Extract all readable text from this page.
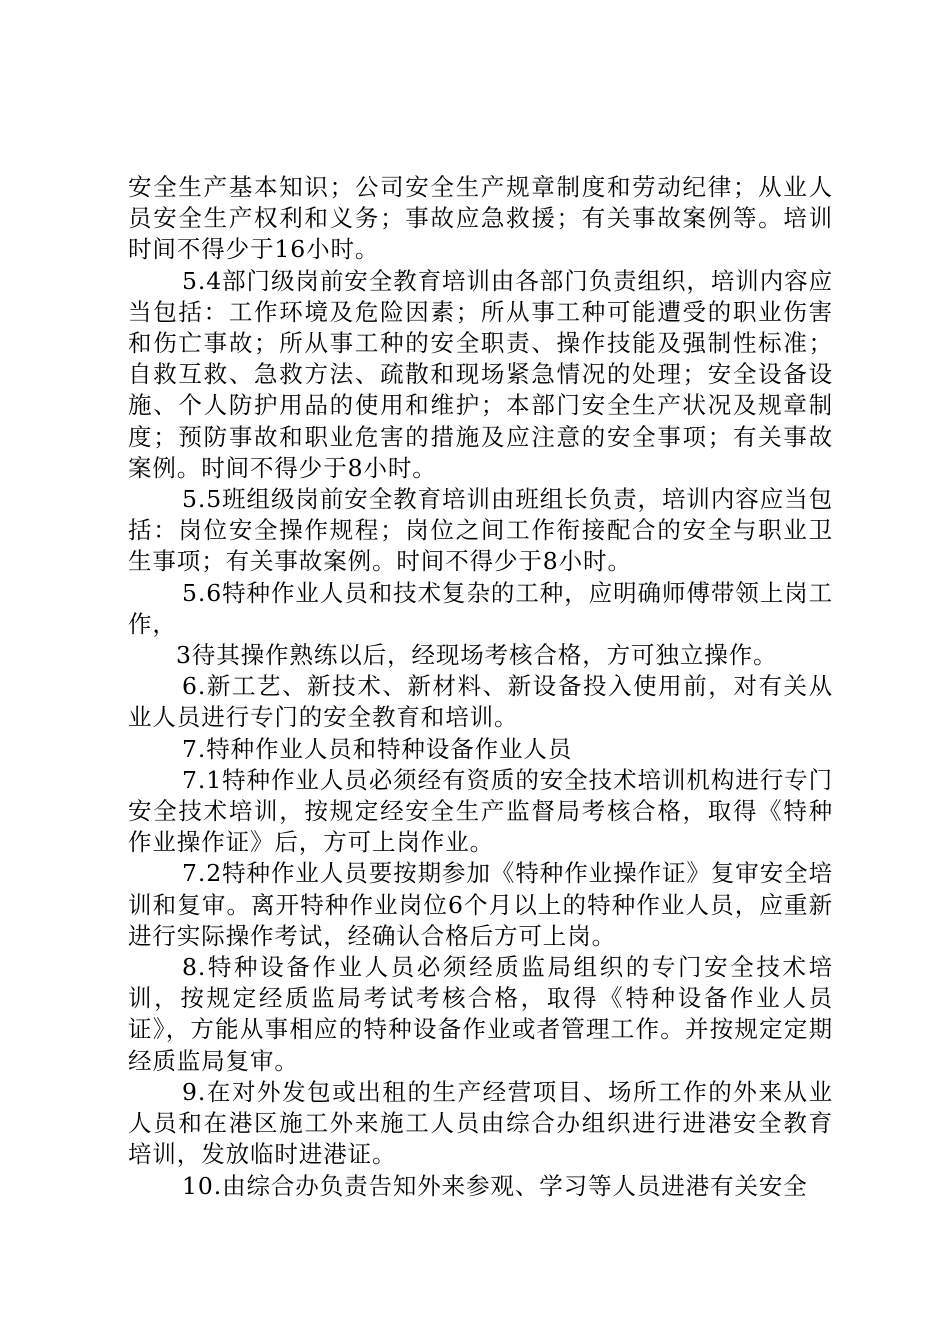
安全生产基本知识；公司安全生产规章制度和劳动纪律；从业人员安全生产权利和义务；事故应急救援；有关事故案例等。培训时间不得少于16小时。

5.4部门级岗前安全教育培训由各部门负责组织，培训内容应当包括：工作环境及危险因素；所从事工种可能遭受的职业伤害和伤亡事故；所从事工种的安全职责、操作技能及强制性标准；自救互救、急救方法、疏散和现场紧急情况的处理；安全设备设施、个人防护用品的使用和维护；本部门安全生产状况及规章制度；预防事故和职业危害的措施及应注意的安全事项；有关事故案例。时间不得少于8小时。

5.5班组级岗前安全教育培训由班组长负责，培训内容应当包括：岗位安全操作规程；岗位之间工作衔接配合的安全与职业卫生事项；有关事故案例。时间不得少于8小时。

5.6特种作业人员和技术复杂的工种，应明确师傅带领上岗工作，

3待其操作熟练以后，经现场考核合格，方可独立操作。

6.新工艺、新技术、新材料、新设备投入使用前，对有关从业人员进行专门的安全教育和培训。

7.特种作业人员和特种设备作业人员

7.1特种作业人员必须经有资质的安全技术培训机构进行专门安全技术培训，按规定经安全生产监督局考核合格，取得《特种作业操作证》后，方可上岗作业。

7.2特种作业人员要按期参加《特种作业操作证》复审安全培训和复审。离开特种作业岗位6个月以上的特种作业人员，应重新进行实际操作考试，经确认合格后方可上岗。

8.特种设备作业人员必须经质监局组织的专门安全技术培训，按规定经质监局考试考核合格，取得《特种设备作业人员证》，方能从事相应的特种设备作业或者管理工作。并按规定定期经质监局复审。

9.在对外发包或出租的生产经营项目、场所工作的外来从业人员和在港区施工外来施工人员由综合办组织进行进港安全教育培训，发放临时进港证。

10.由综合办负责告知外来参观、学习等人员进港有关安全
